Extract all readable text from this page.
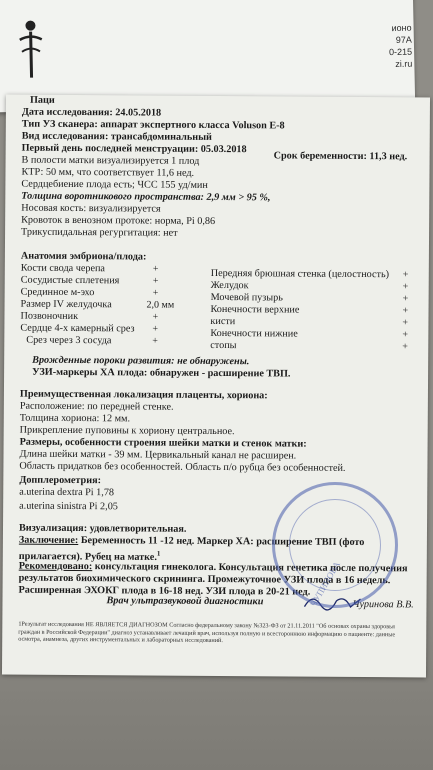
ионо
97А
0-215
zi.ru
Паци
Дата исследования: 24.05.2018
Тип УЗ сканера: аппарат экспертного класса Voluson E-8
Вид исследования: трансабдоминальный
Первый день последней менструации: 05.03.2018
Срок беременности: 11,3 нед.
В полости матки визуализируется 1 плод
КТР: 50 мм, что соответствует 11,6 нед.
Сердцебиение плода есть; ЧСС 155 уд/мин
Толщина воротникового пространства: 2,9 мм > 95 %,
Носовая кость: визуализируется
Кровоток в венозном протоке: норма, Pi 0,86
Трикуспидальная регургитация: нет
Анатомия эмбриона/плода:
Кости свода черепа
Сосудистые сплетения
Срединное м-эхо
Размер IV желудочка
Позвоночник
Сердце 4-х камерный срез
Срез через 3 сосуда
+
+
+
2,0 мм
+
+
+
Передняя брюшная стенка (целостность)
Желудок
Мочевой пузырь
Конечности верхние
кисти
Конечности нижние
стопы
+
+
+
+
+
+
+
Врожденные пороки развития: не обнаружены.
УЗИ-маркеры ХА плода: обнаружен - расширение ТВП.
Преимущественная локализация плаценты, хориона:
Расположение: по передней стенке.
Толщина хориона: 12 мм.
Прикрепление пуповины к хориону центральное.
Размеры, особенности строения шейки матки и стенок матки:
Длина шейки матки - 39 мм. Цервикальный канал не расширен.
Область придатков без особенностей. Область п/о рубца без особенностей.
Допплерометрия:
a.uterina dextra Pi 1,78
a.uterina sinistra Pi 2,05
Визуализация: удовлетворительная.
Заключение: Беременность 11 -12 нед. Маркер ХА: расширение ТВП (фото
прилагается). Рубец на матке.$^1$
Рекомендовано: консультация гинеколога. Консультация генетика после получения
результатов биохимического скрининга. Промежуточное УЗИ плода в 16 недель.
Расширенная ЭХОКГ плода в 16-18 нед. УЗИ плода в 20-21 нед.
Врач ультразвуковой диагностики	Чуринова В.В.
1Результат исследования НЕ ЯВЛЯЕТСЯ ДИАГНОЗОМ Согласно федеральному закону №323-ФЗ от 21.11.2011 "Об основах охраны здоровья граждан в Российской Федерации" диагноз устанавливает лечащий врач, используя полную и всестороннюю информацию о пациенте: данные осмотра, анамнеза, других инструментальных и лабораторных исследований.
ЧУПИНОВА
